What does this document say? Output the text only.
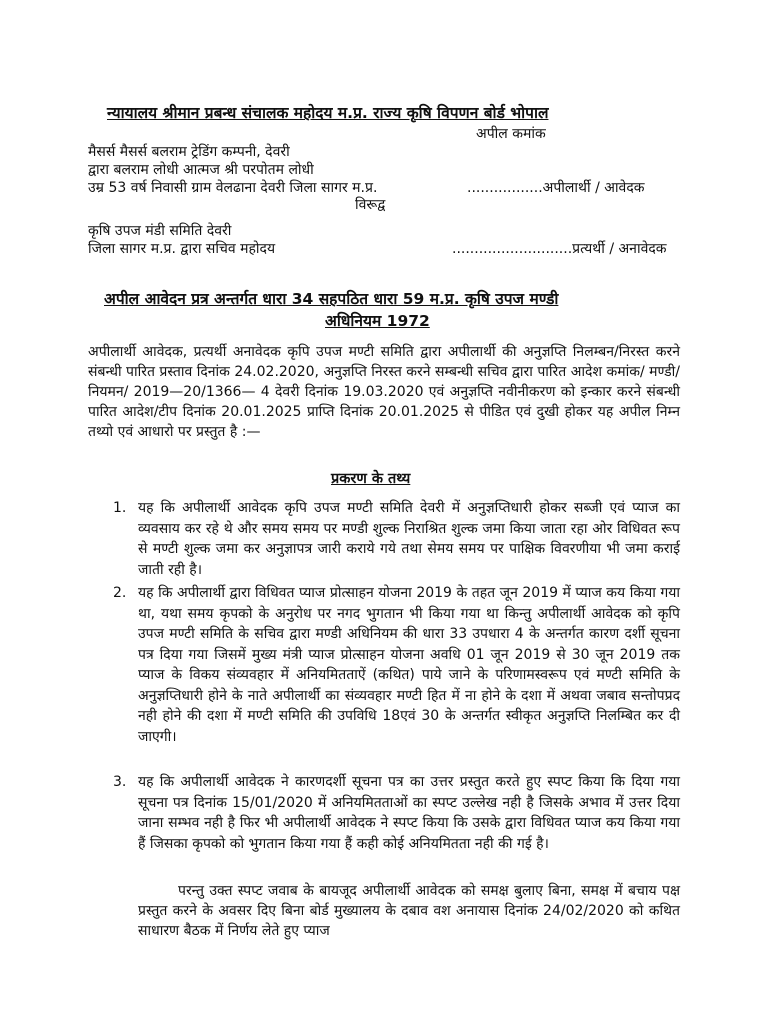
न्यायालय श्रीमान प्रबन्ध संचालक महोदय म.प्र. राज्य कृषि विपणन बोर्ड भोपाल
अपील कमांक
मैसर्स मैसर्स बलराम ट्रेडिंग कम्पनी, देवरी
द्वारा बलराम लोधी आत्मज श्री परपोतम लोधी
उम्र 53 वर्ष निवासी ग्राम वेलढाना देवरी जिला सागर म.प्र.	.................अपीलार्थी / आवेदक
विरूद्व
कृषि उपज मंडी समिति देवरी
जिला सागर म.प्र. द्वारा सचिव महोदय	...........................प्रत्यर्थी / अनावेदक
अपील आवेदन प्रत्र अन्तर्गत धारा 34 सहपठित धारा 59 म.प्र. कृषि उपज मण्डी
अधिनियम 1972

अपीलार्थी आवेदक, प्रत्यर्थी अनावेदक कृपि उपज मण्टी समिति द्वारा अपीलार्थी की अनुज्ञप्ति निलम्बन/निरस्त करने संबन्धी पारित प्रस्ताव दिनांक 24.02.2020, अनुज्ञप्ति निरस्त करने सम्बन्धी सचिव द्वारा पारित आदेश कमांक/ मण्डी/ नियमन/ 2019—20/1366— 4 देवरी दिनांक 19.03.2020 एवं अनुज्ञप्ति नवीनीकरण को इन्कार करने संबन्धी पारित आदेश/टीप दिनांक 20.01.2025 प्राप्ति दिनांक 20.01.2025 से पीडित एवं दुखी होकर यह अपील निम्न तथ्यो एवं आधारो पर प्रस्तुत है :—

प्रकरण के तथ्य
1. यह कि अपीलार्थी आवेदक कृपि उपज मण्टी समिति देवरी में अनुज्ञप्तिधारी होकर सब्जी एवं प्याज का व्यवसाय कर रहे थे और समय समय पर मण्डी शुल्क निराश्रित शुल्क जमा किया जाता रहा ओर विधिवत रूप से मण्टी शुल्क जमा कर अनुज्ञापत्र जारी कराये गये तथा सेमय समय पर पाक्षिक विवरणीया भी जमा कराई जाती रही है।
2. यह कि अपीलार्थी द्वारा विधिवत प्याज प्रोत्साहन योजना 2019 के तहत जून 2019 में प्याज कय किया गया था, यथा समय कृपको के अनुरोध पर नगद भुगतान भी किया गया था किन्तु अपीलार्थी आवेदक को कृपि उपज मण्टी समिति के सचिव द्वारा मण्डी अधिनियम की धारा 33 उपधारा 4 के अन्तर्गत कारण दर्शी सूचना पत्र दिया गया जिसमें मुख्य मंत्री प्याज प्रोत्साहन योजना अवधि 01 जून 2019 से 30 जून 2019 तक प्याज के विकय संव्यवहार में अनियमितताऐं (कथित) पाये जाने के परिणामस्वरूप एवं मण्टी समिति के अनुज्ञप्तिधारी होने के नाते अपीलार्थी का संव्यवहार मण्टी हित में ना होने के दशा में अथवा जबाव सन्तोपप्रद नही होने की दशा में मण्टी समिति की उपविधि 18एवं 30 के अन्तर्गत स्वीकृत अनुज्ञप्ति निलम्बित कर दी जाएगी।
3. यह कि अपीलार्थी आवेदक ने कारणदर्शी सूचना पत्र का उत्तर प्रस्तुत करते हुए स्पप्ट किया कि दिया गया सूचना पत्र दिनांक 15/01/2020 में अनियमितताओं का स्पप्ट उल्लेख नही है जिसके अभाव में उत्तर दिया जाना सम्भव नही है फिर भी अपीलार्थी आवेदक ने स्पप्ट किया कि उसके द्वारा विधिवत प्याज कय किया गया हैं जिसका कृपको को भुगतान किया गया हैं कही कोई अनियमितता नही की गई है।

परन्तु उक्त स्पप्ट जवाब के बायजूद अपीलार्थी आवेदक को समक्ष बुलाए बिना, समक्ष में बचाय पक्ष प्रस्तुत करने के अवसर दिए बिना बोर्ड मुख्यालय के दबाव वश अनायास दिनांक 24/02/2020 को कथित साधारण बैठक में निर्णय लेते हुए प्याज
